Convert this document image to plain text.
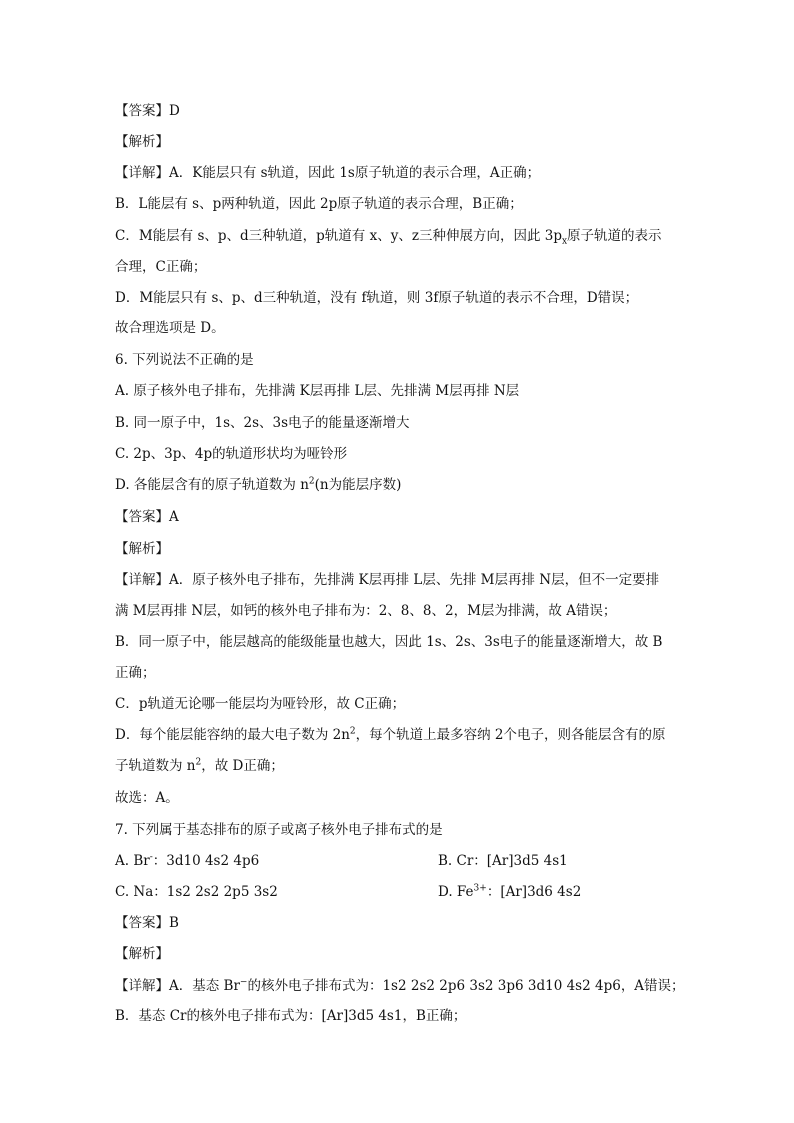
【答案】D
【解析】
【详解】A．K能层只有 s轨道，因此 1s原子轨道的表示合理，A正确；
B．L能层有 s、p两种轨道，因此 2p原子轨道的表示合理，B正确；
C．M能层有 s、p、d三种轨道，p轨道有 x、y、z三种伸展方向，因此 $3p_x$原子轨道的表示
合理，C正确；
D．M能层只有 s、p、d三种轨道，没有 f轨道，则 3f原子轨道的表示不合理，D错误；
故合理选项是 D。
6. 下列说法不正确的是
A. 原子核外电子排布，先排满 K层再排 L层、先排满 M层再排 N层
B. 同一原子中，1s、2s、3s电子的能量逐渐增大
C. 2p、3p、4p的轨道形状均为哑铃形
D. 各能层含有的原子轨道数为 $n^2(n$为能层序数)
【答案】A
【解析】
【详解】A．原子核外电子排布，先排满 K层再排 L层、先排 M层再排 N层，但不一定要排
满 M层再排 N层，如钙的核外电子排布为：2、8、8、2，M层为排满，故 A错误；
B．同一原子中，能层越高的能级能量也越大，因此 1s、2s、3s电子的能量逐渐增大，故 B
正确；
C．p轨道无论哪一能层均为哑铃形，故 C正确；
D．每个能层能容纳的最大电子数为 $2n^2$，每个轨道上最多容纳 2个电子，则各能层含有的原
子轨道数为 $n^2$，故 D正确；
故选：A。
7. 下列属于基态排布的原子或离子核外电子排布式的是
A. Br-：3d10 4s2 4p6	B. Cr：[Ar]3d5 4s1
C. Na：1s2 2s2 2p5 3s2	D. $Fe^{3+}$：[Ar]3d6 4s2
【答案】B
【解析】
【详解】A．基态 Br−的核外电子排布式为：1s2 2s2 2p6 3s2 3p6 3d10 4s2 4p6，A错误；
B．基态 Cr的核外电子排布式为：[Ar]3d5 4s1，B正确；
